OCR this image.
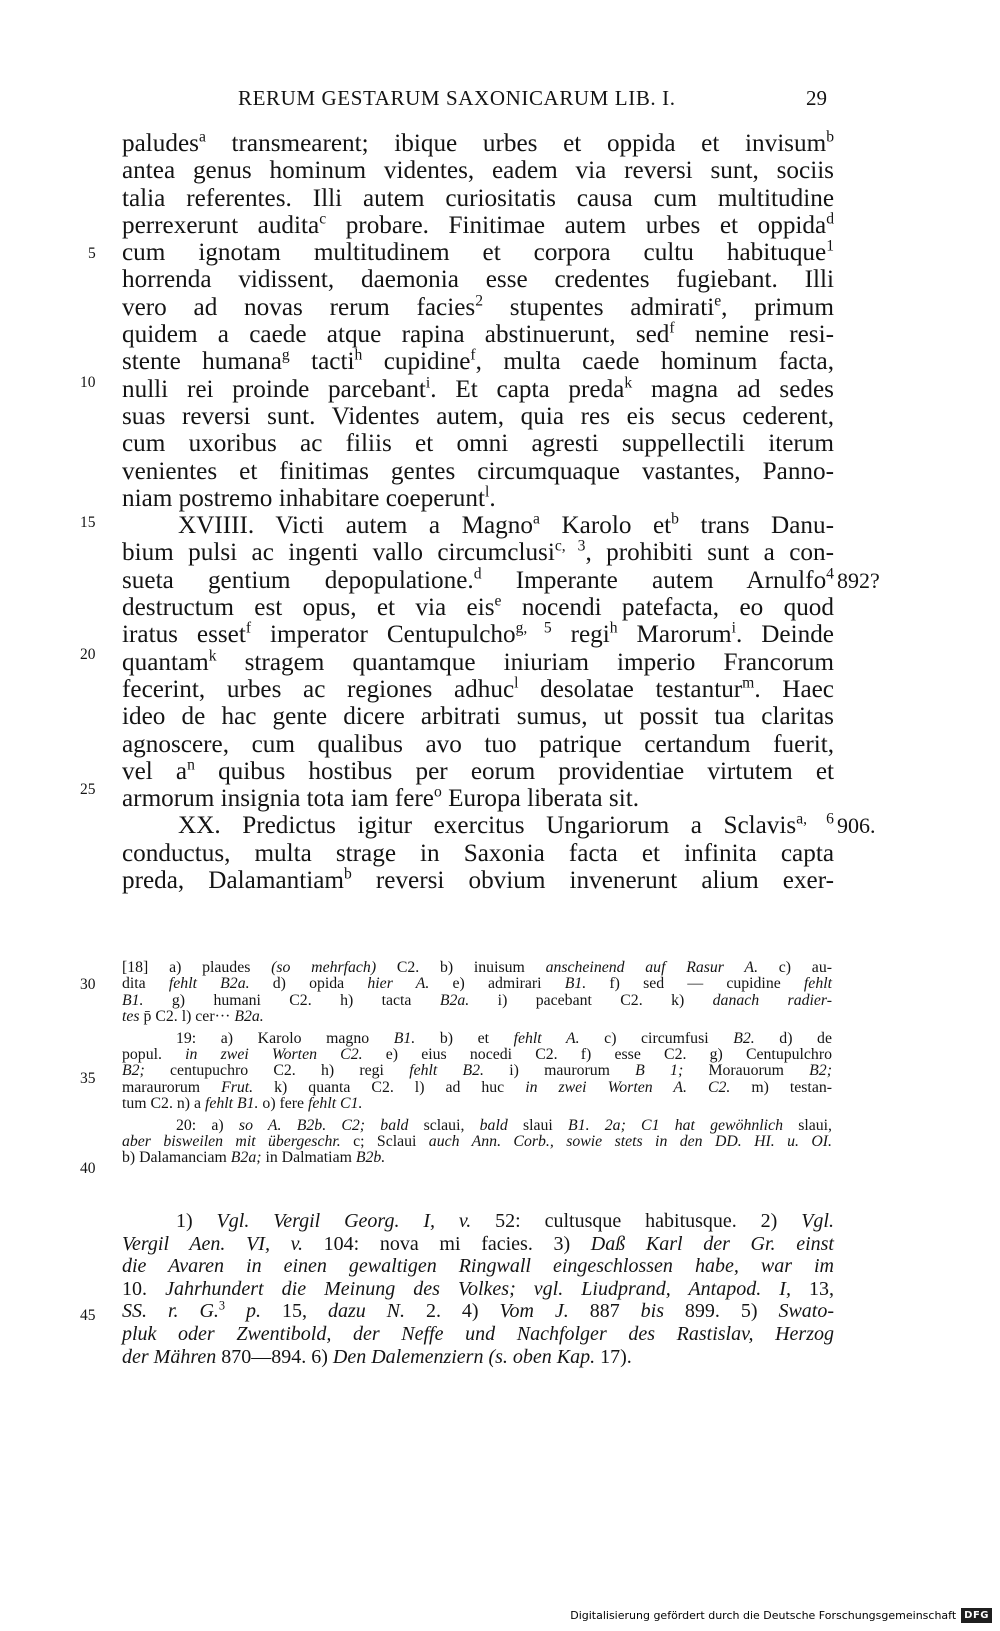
RERUM GESTARUM SAXONICARUM LIB. I.	29
paludes$^a$ transmearent; ibique urbes et oppida et invisum$^b$
antea genus hominum videntes, eadem via reversi sunt, sociis
talia referentes. Illi autem curiositatis causa cum multitudine
perrexerunt audita$^c$ probare. Finitimae autem urbes et oppida$^d$
cum ignotam multitudinem et corpora cultu habituque$^1$
horrenda vidissent, daemonia esse credentes fugiebant. Illi
vero ad novas rerum facies$^2$ stupentes admirati$^e$, primum
quidem a caede atque rapina abstinuerunt, sed$^f$ nemine resi-
stente humana$^g$ tacti$^h$ cupidine$^f$, multa caede hominum facta,
nulli rei proinde parcebant$^i$. Et capta preda$^k$ magna ad sedes
suas reversi sunt. Videntes autem, quia res eis secus cederent,
cum uxoribus ac filiis et omni agresti suppellectili iterum
venientes et finitimas gentes circumquaque vastantes, Panno-
niam postremo inhabitare coeperunt$^l$.
XVIIII. Victi autem a Magno$^a$ Karolo $et^b$ trans Danu-
bium pulsi ac ingenti vallo circumclusi$^{c, 3}$, prohibiti sunt a con-
sueta gentium depopulatione.$^d$ Imperante autem Arnulfo$^4$
destructum est opus, et via eis$^e$ nocendi patefacta, eo quod
iratus esset$^f$ imperator Centupulcho$^{g, 5}$ regi$^h$ Marorum$^i$. Deinde
quantam$^k$ stragem quantamque iniuriam imperio Francorum
fecerint, urbes ac regiones adhuc$^l$ desolatae testantur$^m$. Haec
ideo de hac gente dicere arbitrati sumus, ut possit tua claritas
agnoscere, cum qualibus avo tuo patrique certandum fuerit,
vel $a^n$ quibus hostibus per eorum providentiae virtutem et
armorum insignia tota iam fere$^o$ Europa liberata sit.
XX. Predictus igitur exercitus Ungariorum a Sclavis$^{a, 6}$
conductus, multa strage in Saxonia facta et infinita capta
preda, Dalamantiam$^b$ reversi obvium invenerunt alium exer-
5
10
15
20
25
892?
906.
[18] a) plaudes (so mehrfach) C2. b) inuisum anscheinend auf Rasur A. c) au-
dita fehlt B2a. d) opida hier A. e) admirari B1. f) sed — cupidine fehlt
B1. g) humani C2. h) tacta B2a. i) pacebant C2. k) danach radier-
tes p̄ C2. l) cer··· B2a.
19: a) Karolo magno B1. b) et fehlt A. c) circumfusi B2. d) de
popul. in zwei Worten C2. e) eius nocedi C2. f) esse C2. g) Centupulchro
B2; centupuchro C2. h) regi fehlt B2. i) maurorum B 1; Morauorum B2;
maraurorum Frut. k) quanta C2. l) ad huc in zwei Worten A. C2. m) testan-
tum C2. n) a fehlt B1. o) fere fehlt C1.
20: a) so A. B2b. C2; bald sclaui, bald slaui B1. 2a; C1 hat gewöhnlich slaui,
aber bisweilen mit übergeschr. c; Sclaui auch Ann. Corb., sowie stets in den DD. HI. u. OI.
b) Dalamanciam B2a; in Dalmatiam B2b.
30
35
40
1) Vgl. Vergil Georg. I, v. 52: cultusque habitusque. 2) Vgl.
Vergil Aen. VI, v. 104: nova mi facies. 3) Daß Karl der Gr. einst
die Avaren in einen gewaltigen Ringwall eingeschlossen habe, war im
10. Jahrhundert die Meinung des Volkes; vgl. Liudprand, Antapod. I, 13,
SS. r. G.$^3$ p. 15, dazu N. 2. 4) Vom J. 887 bis 899. 5) Swato-
pluk oder Zwentibold, der Neffe und Nachfolger des Rastislav, Herzog
der Mähren 870—894. 6) Den Dalemenziern (s. oben Kap. 17).
45
Digitalisierung gefördert durch die Deutsche Forschungsgemeinschaft DFG
